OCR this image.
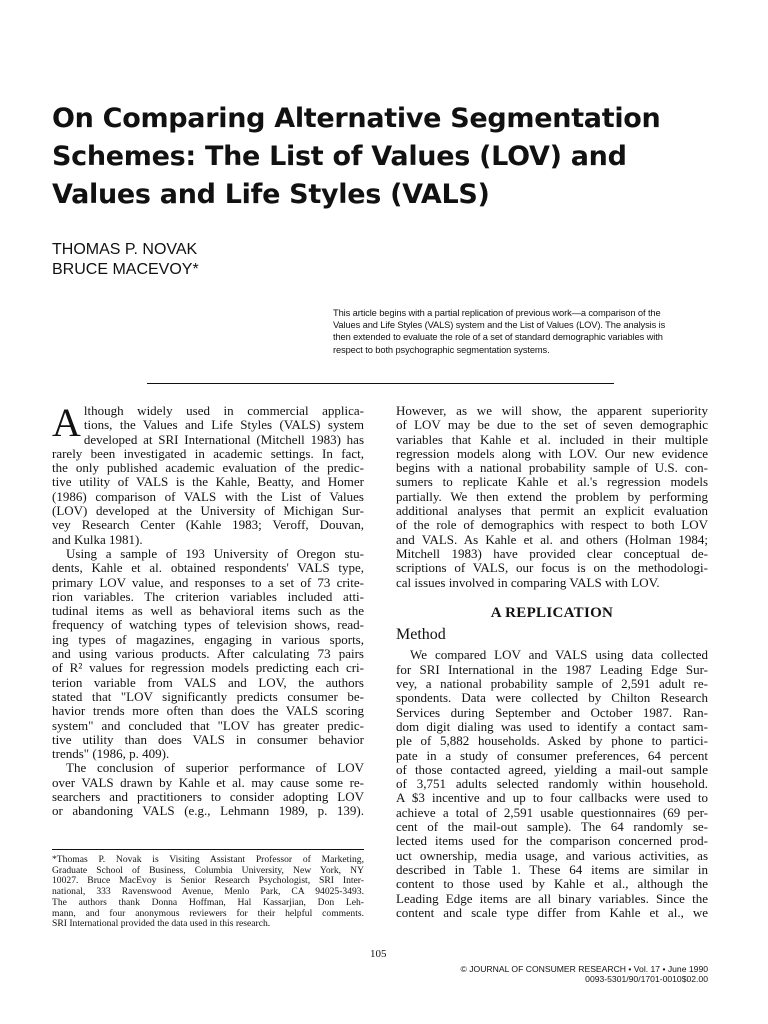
On Comparing Alternative Segmentation
Schemes: The List of Values (LOV) and
Values and Life Styles (VALS)
THOMAS P. NOVAK
BRUCE MACEVOY*
This article begins with a partial replication of previous work—a comparison of the
Values and Life Styles (VALS) system and the List of Values (LOV). The analysis is
then extended to evaluate the role of a set of standard demographic variables with
respect to both psychographic segmentation systems.
A lthough widely used in commercial applica-
tions, the Values and Life Styles (VALS) system

developed at SRI International (Mitchell 1983) has
rarely been investigated in academic settings. In fact,
the only published academic evaluation of the predic-
tive utility of VALS is the Kahle, Beatty, and Homer
(1986) comparison of VALS with the List of Values
(LOV) developed at the University of Michigan Sur-
vey Research Center (Kahle 1983; Veroff, Douvan,
and Kulka 1981).

Using a sample of 193 University of Oregon stu-
dents, Kahle et al. obtained respondents' VALS type,
primary LOV value, and responses to a set of 73 crite-
rion variables. The criterion variables included atti-
tudinal items as well as behavioral items such as the
frequency of watching types of television shows, read-
ing types of magazines, engaging in various sports,
and using various products. After calculating 73 pairs
of R² values for regression models predicting each cri-
terion variable from VALS and LOV, the authors
stated that "LOV significantly predicts consumer be-
havior trends more often than does the VALS scoring
system" and concluded that "LOV has greater predic-
tive utility than does VALS in consumer behavior
trends" (1986, p. 409).

The conclusion of superior performance of LOV
over VALS drawn by Kahle et al. may cause some re-
searchers and practitioners to consider adopting LOV
or abandoning VALS (e.g., Lehmann 1989, p. 139).

*Thomas P. Novak is Visiting Assistant Professor of Marketing,
Graduate School of Business, Columbia University, New York, NY
10027. Bruce MacEvoy is Senior Research Psychologist, SRI Inter-
national, 333 Ravenswood Avenue, Menlo Park, CA 94025-3493.
The authors thank Donna Hoffman, Hal Kassarjian, Don Leh-
mann, and four anonymous reviewers for their helpful comments.
SRI International provided the data used in this research.

However, as we will show, the apparent superiority
of LOV may be due to the set of seven demographic
variables that Kahle et al. included in their multiple
regression models along with LOV. Our new evidence
begins with a national probability sample of U.S. con-
sumers to replicate Kahle et al.'s regression models
partially. We then extend the problem by performing
additional analyses that permit an explicit evaluation
of the role of demographics with respect to both LOV
and VALS. As Kahle et al. and others (Holman 1984;
Mitchell 1983) have provided clear conceptual de-
scriptions of VALS, our focus is on the methodologi-
cal issues involved in comparing VALS with LOV.

A REPLICATION
Method

We compared LOV and VALS using data collected
for SRI International in the 1987 Leading Edge Sur-
vey, a national probability sample of 2,591 adult re-
spondents. Data were collected by Chilton Research
Services during September and October 1987. Ran-
dom digit dialing was used to identify a contact sam-
ple of 5,882 households. Asked by phone to partici-
pate in a study of consumer preferences, 64 percent
of those contacted agreed, yielding a mail-out sample
of 3,751 adults selected randomly within household.
A $3 incentive and up to four callbacks were used to
achieve a total of 2,591 usable questionnaires (69 per-
cent of the mail-out sample). The 64 randomly se-
lected items used for the comparison concerned prod-
uct ownership, media usage, and various activities, as
described in Table 1. These 64 items are similar in
content to those used by Kahle et al., although the
Leading Edge items are all binary variables. Since the
content and scale type differ from Kahle et al., we

105
© JOURNAL OF CONSUMER RESEARCH • Vol. 17 • June 1990
0093-5301/90/1701-0010$02.00
